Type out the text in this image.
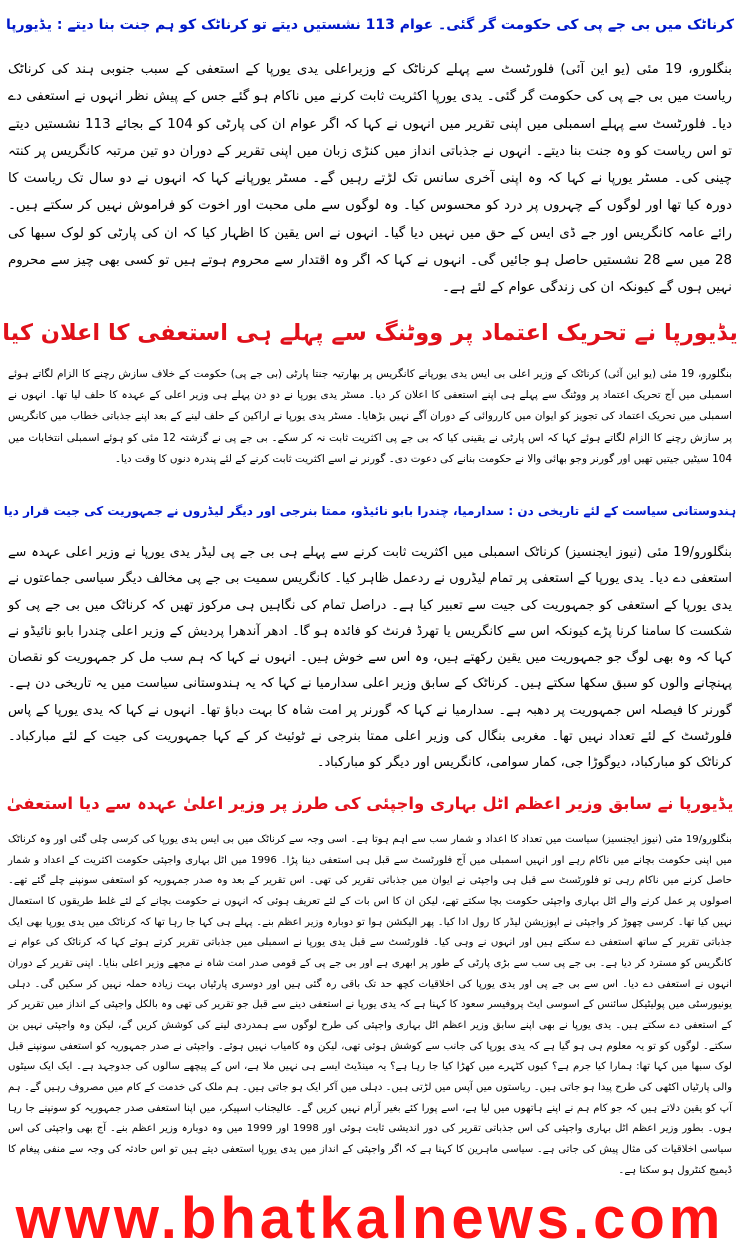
کرناٹک میں بی جے پی کی حکومت گر گئی۔ عوام 113 نشستیں دیتے تو کرناٹک کو ہم جنت بنا دیتے : یڈیورپا

بنگلورو، 19 مئی (یو این آئی) فلورٹسٹ سے پہلے کرناٹک کے وزیراعلی یدی یورپا کے استعفی کے سبب جنوبی ہند کی کرناٹک ریاست میں بی جے پی کی حکومت گر گئی۔ یدی یورپا اکثریت ثابت کرنے میں ناکام ہو گئے جس کے پیش نظر انہوں نے استعفی دے دیا۔ فلورٹسٹ سے پہلے اسمبلی میں اپنی تقریر میں انہوں نے کہا کہ اگر عوام ان کی پارٹی کو 104 کے بجائے 113 نشستیں دیتے تو اس ریاست کو وہ جنت بنا دیتے۔ انہوں نے جذباتی انداز میں کنڑی زبان میں اپنی تقریر کے دوران دو تین مرتبہ کانگریس پر کنتہ چینی کی۔ مسٹر یورپا نے کہا کہ وہ اپنی آخری سانس تک لڑتے رہیں گے۔ مسٹر یورپانے کہا کہ انہوں نے دو سال تک ریاست کا دورہ کیا تھا اور لوگوں کے چہروں پر درد کو محسوس کیا۔ وہ لوگوں سے ملی محبت اور اخوت کو فراموش نہیں کر سکتے ہیں۔ رائے عامہ کانگریس اور جے ڈی ایس کے حق میں نہیں دیا گیا۔ انہوں نے اس یقین کا اظہار کیا کہ ان کی پارٹی کو لوک سبھا کی 28 میں سے 28 نشستیں حاصل ہو جائیں گی۔ انہوں نے کہا کہ اگر وہ اقتدار سے محروم ہوتے ہیں تو کسی بھی چیز سے محروم نہیں ہوں گے کیونکہ ان کی زندگی عوام کے لئے ہے۔

یڈیورپا نے تحریک اعتماد پر ووٹنگ سے پہلے ہی استعفی کا اعلان کیا

بنگلورو، 19 مئی (یو این آئی) کرناٹک کے وزیر اعلی بی ایس یدی یورپانے کانگریس پر بھارتیہ جنتا پارٹی (بی جے پی) حکومت کے خلاف سازش رچنے کا الزام لگاتے ہوئے اسمبلی میں آج تحریک اعتماد پر ووٹنگ سے پہلے ہی اپنے استعفی کا اعلان کر دیا۔ مسٹر یدی یورپا نے دو دن پہلے ہی وزیر اعلی کے عہدہ کا حلف لیا تھا۔ انہوں نے اسمبلی میں تحریک اعتماد کی تجویز کو ایوان میں کارروائی کے دوران آگے نہیں بڑھایا۔ مسٹر یدی یورپا نے اراکین کے حلف لینے کے بعد اپنے جذباتی خطاب میں کانگریس پر سازش رچنے کا الزام لگاتے ہوئے کہا کہ اس پارٹی نے یقینی کیا کہ بی جے پی اکثریت ثابت نہ کر سکے۔ بی جے پی نے گزشتہ 12 مئی کو ہوئے اسمبلی انتخابات میں 104 سیٹیں جیتیں تھیں اور گورنر وجو بھائی والا نے حکومت بنانے کی دعوت دی۔ گورنر نے اسے اکثریت ثابت کرنے کے لئے پندرہ دنوں کا وقت دیا۔

ہندوستانی سیاست کے لئے تاریخی دن : سدارمیا، چندرا بابو نائیڈو، ممتا بنرجی اور دیگر لیڈروں نے جمہوریت کی جیت قرار دیا

بنگلورو/19 مئی (نیوز ایجنسیز) کرناٹک اسمبلی میں اکثریت ثابت کرنے سے پہلے ہی بی جے پی لیڈر یدی یورپا نے وزیر اعلی عہدہ سے استعفی دے دیا۔ یدی یورپا کے استعفی پر تمام لیڈروں نے ردعمل ظاہر کیا۔ کانگریس سمیت بی جے پی مخالف دیگر سیاسی جماعتوں نے یدی یورپا کے استعفی کو جمہوریت کی جیت سے تعبیر کیا ہے۔ دراصل تمام کی نگاہیں ہی مرکوز تھیں کہ کرناٹک میں بی جے پی کو شکست کا سامنا کرنا پڑے کیونکہ اس سے کانگریس یا تھرڈ فرنٹ کو فائدہ ہو گا۔ ادھر آندھرا پردیش کے وزیر اعلی چندرا بابو نائیڈو نے کہا کہ وہ بھی لوگ جو جمہوریت میں یقین رکھتے ہیں، وہ اس سے خوش ہیں۔ انہوں نے کہا کہ ہم سب مل کر جمہوریت کو نقصان پہنچانے والوں کو سبق سکھا سکتے ہیں۔ کرناٹک کے سابق وزیر اعلی سدارمیا نے کہا کہ یہ ہندوستانی سیاست میں یہ تاریخی دن ہے۔ گورنر کا فیصلہ اس جمہوریت پر دھبہ ہے۔ سدارمیا نے کہا کہ گورنر پر امت شاہ کا بہت دباؤ تھا۔ انہوں نے کہا کہ یدی یورپا کے پاس فلورٹسٹ کے لئے تعداد نہیں تھا۔ مغربی بنگال کی وزیر اعلی ممتا بنرجی نے ٹوئیٹ کر کے کہا جمہوریت کی جیت کے لئے مبارکباد۔ کرناٹک کو مبارکباد، دیوگوڑا جی، کمار سوامی، کانگریس اور دیگر کو مبارکباد۔

یڈیورپا نے سابق وزیر اعظم اٹل بہاری واجپئی کی طرز پر وزیر اعلیٰ عہدہ سے دیا استعفیٰ

بنگلورو/19 مئی (نیوز ایجنسیز) سیاست میں تعداد کا اعداد و شمار سب سے اہم ہوتا ہے۔ اسی وجہ سے کرناٹک میں بی ایس یدی یورپا کی کرسی چلی گئی اور وہ کرناٹک میں اپنی حکومت بچانے میں ناکام رہے اور انہیں اسمبلی میں آج فلورٹسٹ سے قبل ہی استعفی دینا پڑا۔ 1996 میں اٹل بہاری واجپئی حکومت اکثریت کے اعداد و شمار حاصل کرنے میں ناکام رہی تو فلورٹسٹ سے قبل ہی واجپئی نے ایوان میں جذباتی تقریر کی تھی۔ اس تقریر کے بعد وہ صدر جمہوریہ کو استعفی سونپنے چلے گئے تھے۔ اصولوں پر عمل کرنے والے اٹل بہاری واجپئی حکومت بچا سکتے تھے، لیکن ان کا اس بات کے لئے تعریف ہوئی کہ انہوں نے حکومت بچانے کے لئے غلط طریقوں کا استعمال نہیں کیا تھا۔ کرسی چھوڑ کر واجپئی نے اپوزیشن لیڈر کا رول ادا کیا۔ پھر الیکشن ہوا تو دوبارہ وزیر اعظم بنے۔ پہلے ہی کہا جا رہا تھا کہ کرناٹک میں یدی یورپا بھی ایک جذباتی تقریر کے ساتھ استعفی دے سکتے ہیں اور انہوں نے وہی کیا۔ فلورٹسٹ سے قبل یدی یورپا نے اسمبلی میں جذباتی تقریر کرتے ہوئے کہا کہ کرناٹک کی عوام نے کانگریس کو مسترد کر دیا ہے۔ بی جے پی سب سے بڑی پارٹی کے طور پر ابھری ہے اور بی جے پی کے قومی صدر امت شاہ نے مجھے وزیر اعلی بنایا۔ اپنی تقریر کے دوران انہوں نے استعفی دے دیا۔ اس سے بی جے پی اور یدی یورپا کی اخلاقیات کچھ حد تک باقی رہ گئی ہیں اور دوسری پارٹیاں بہت زیادہ حملہ نہیں کر سکیں گی۔ دہلی یونیورسٹی میں پولیٹیکل سائنس کے اسوسی ایٹ پروفیسر سعود کا کہنا ہے کہ یدی یورپا نے استعفی دینے سے قبل جو تقریر کی تھی وہ بالکل واجپئی کے انداز میں تقریر کر کے استعفی دے سکتے ہیں۔ یدی یورپا نے بھی اپنے سابق وزیر اعظم اٹل بہاری واجپئی کی طرح لوگوں سے ہمدردی لینے کی کوشش کریں گے، لیکن وہ واجپئی نہیں بن سکتے۔ لوگوں کو تو یہ معلوم ہی ہو گیا ہے کہ یدی یورپا کی جانب سے کوشش ہوئی تھی، لیکن وہ کامیاب نہیں ہوئے۔ واجپئی نے صدر جمہوریہ کو استعفی سونپنے قبل لوک سبھا میں کہا تھا: ہمارا کیا جرم ہے؟ کیوں کٹہرے میں کھڑا کیا جا رہا ہے؟ یہ مینڈیٹ ایسے ہی نہیں ملا ہے، اس کے پیچھے سالوں کی جدوجہد ہے۔ ایک ایک سیٹوں والی پارٹیاں اکٹھی کی طرح پیدا ہو جاتی ہیں۔ ریاستوں میں آپس میں لڑتی ہیں۔ دہلی میں آکر ایک ہو جاتی ہیں۔ ہم ملک کی خدمت کے کام میں مصروف رہیں گے۔ ہم آپ کو یقین دلاتے ہیں کہ جو کام ہم نے اپنے ہاتھوں میں لیا ہے، اسے پورا کئے بغیر آرام نہیں کریں گے۔ عالیجناب اسپیکر، میں اپنا استعفی صدر جمہوریہ کو سونپنے جا رہا ہوں۔ بطور وزیر اعظم اٹل بہاری واجپئی کی اس جذباتی تقریر کی دور اندیشی ثابت ہوئی اور 1998 اور 1999 میں وہ دوبارہ وزیر اعظم بنے۔ آج بھی واجپئی کی اس سیاسی اخلاقیات کی مثال پیش کی جاتی ہے۔ سیاسی ماہرین کا کہنا ہے کہ اگر واجپئی کے انداز میں یدی یورپا استعفی دیتے ہیں تو اس حادثہ کی وجہ سے منفی پیغام کا ڈیمیج کنٹرول ہو سکتا ہے۔

www.bhatkalnews.com
